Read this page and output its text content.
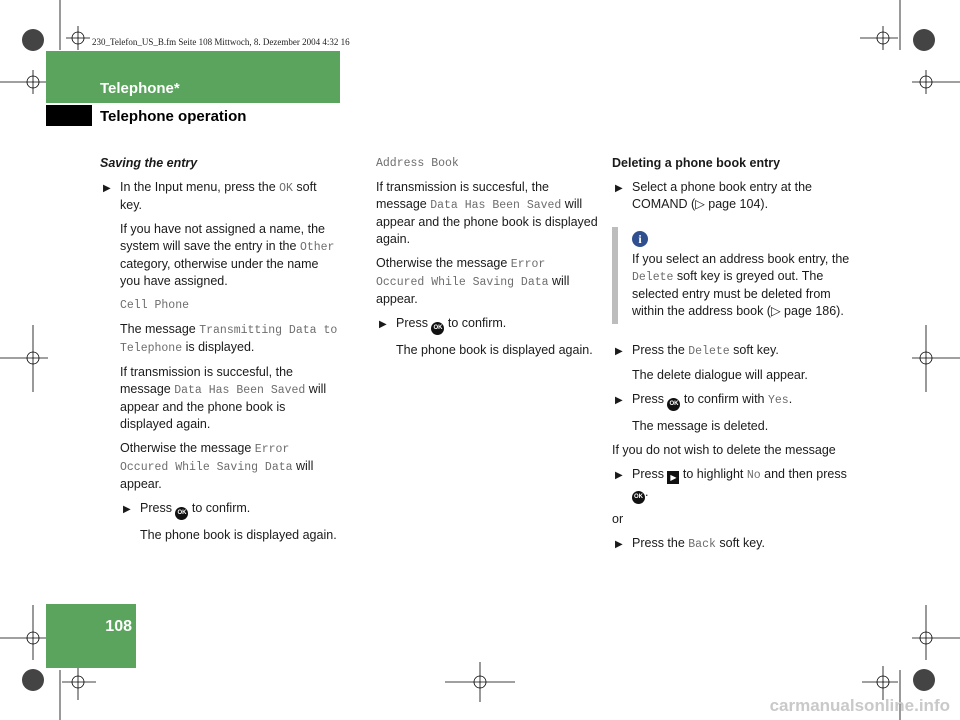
230_Telefon_US_B.fm Seite 108 Mittwoch, 8. Dezember 2004 4:32 16
Telephone*
Telephone operation

Saving the entry

▶ In the Input menu, press the OK soft key.

If you have not assigned a name, the system will save the entry in the Other category, otherwise under the name you have assigned.

Cell Phone

The message Transmitting Data to Telephone is displayed.

If transmission is succesful, the message Data Has Been Saved will appear and the phone book is displayed again.

Otherwise the message Error Occured While Saving Data will appear.

▶ Press OK to confirm.

The phone book is displayed again.

Address Book

If transmission is succesful, the message Data Has Been Saved will appear and the phone book is displayed again.

Otherwise the message Error Occured While Saving Data will appear.

▶ Press OK to confirm.

The phone book is displayed again.

Deleting a phone book entry

▶ Select a phone book entry at the COMAND (▷ page 104).

i
If you select an address book entry, the Delete soft key is greyed out. The selected entry must be deleted from within the address book (▷ page 186).

▶ Press the Delete soft key.

The delete dialogue will appear.

▶ Press OK to confirm with Yes.

The message is deleted.

If you do not wish to delete the message

▶ Press ▶ to highlight No and then press OK .

or

▶ Press the Back soft key.

108
carmanualsonline.info
